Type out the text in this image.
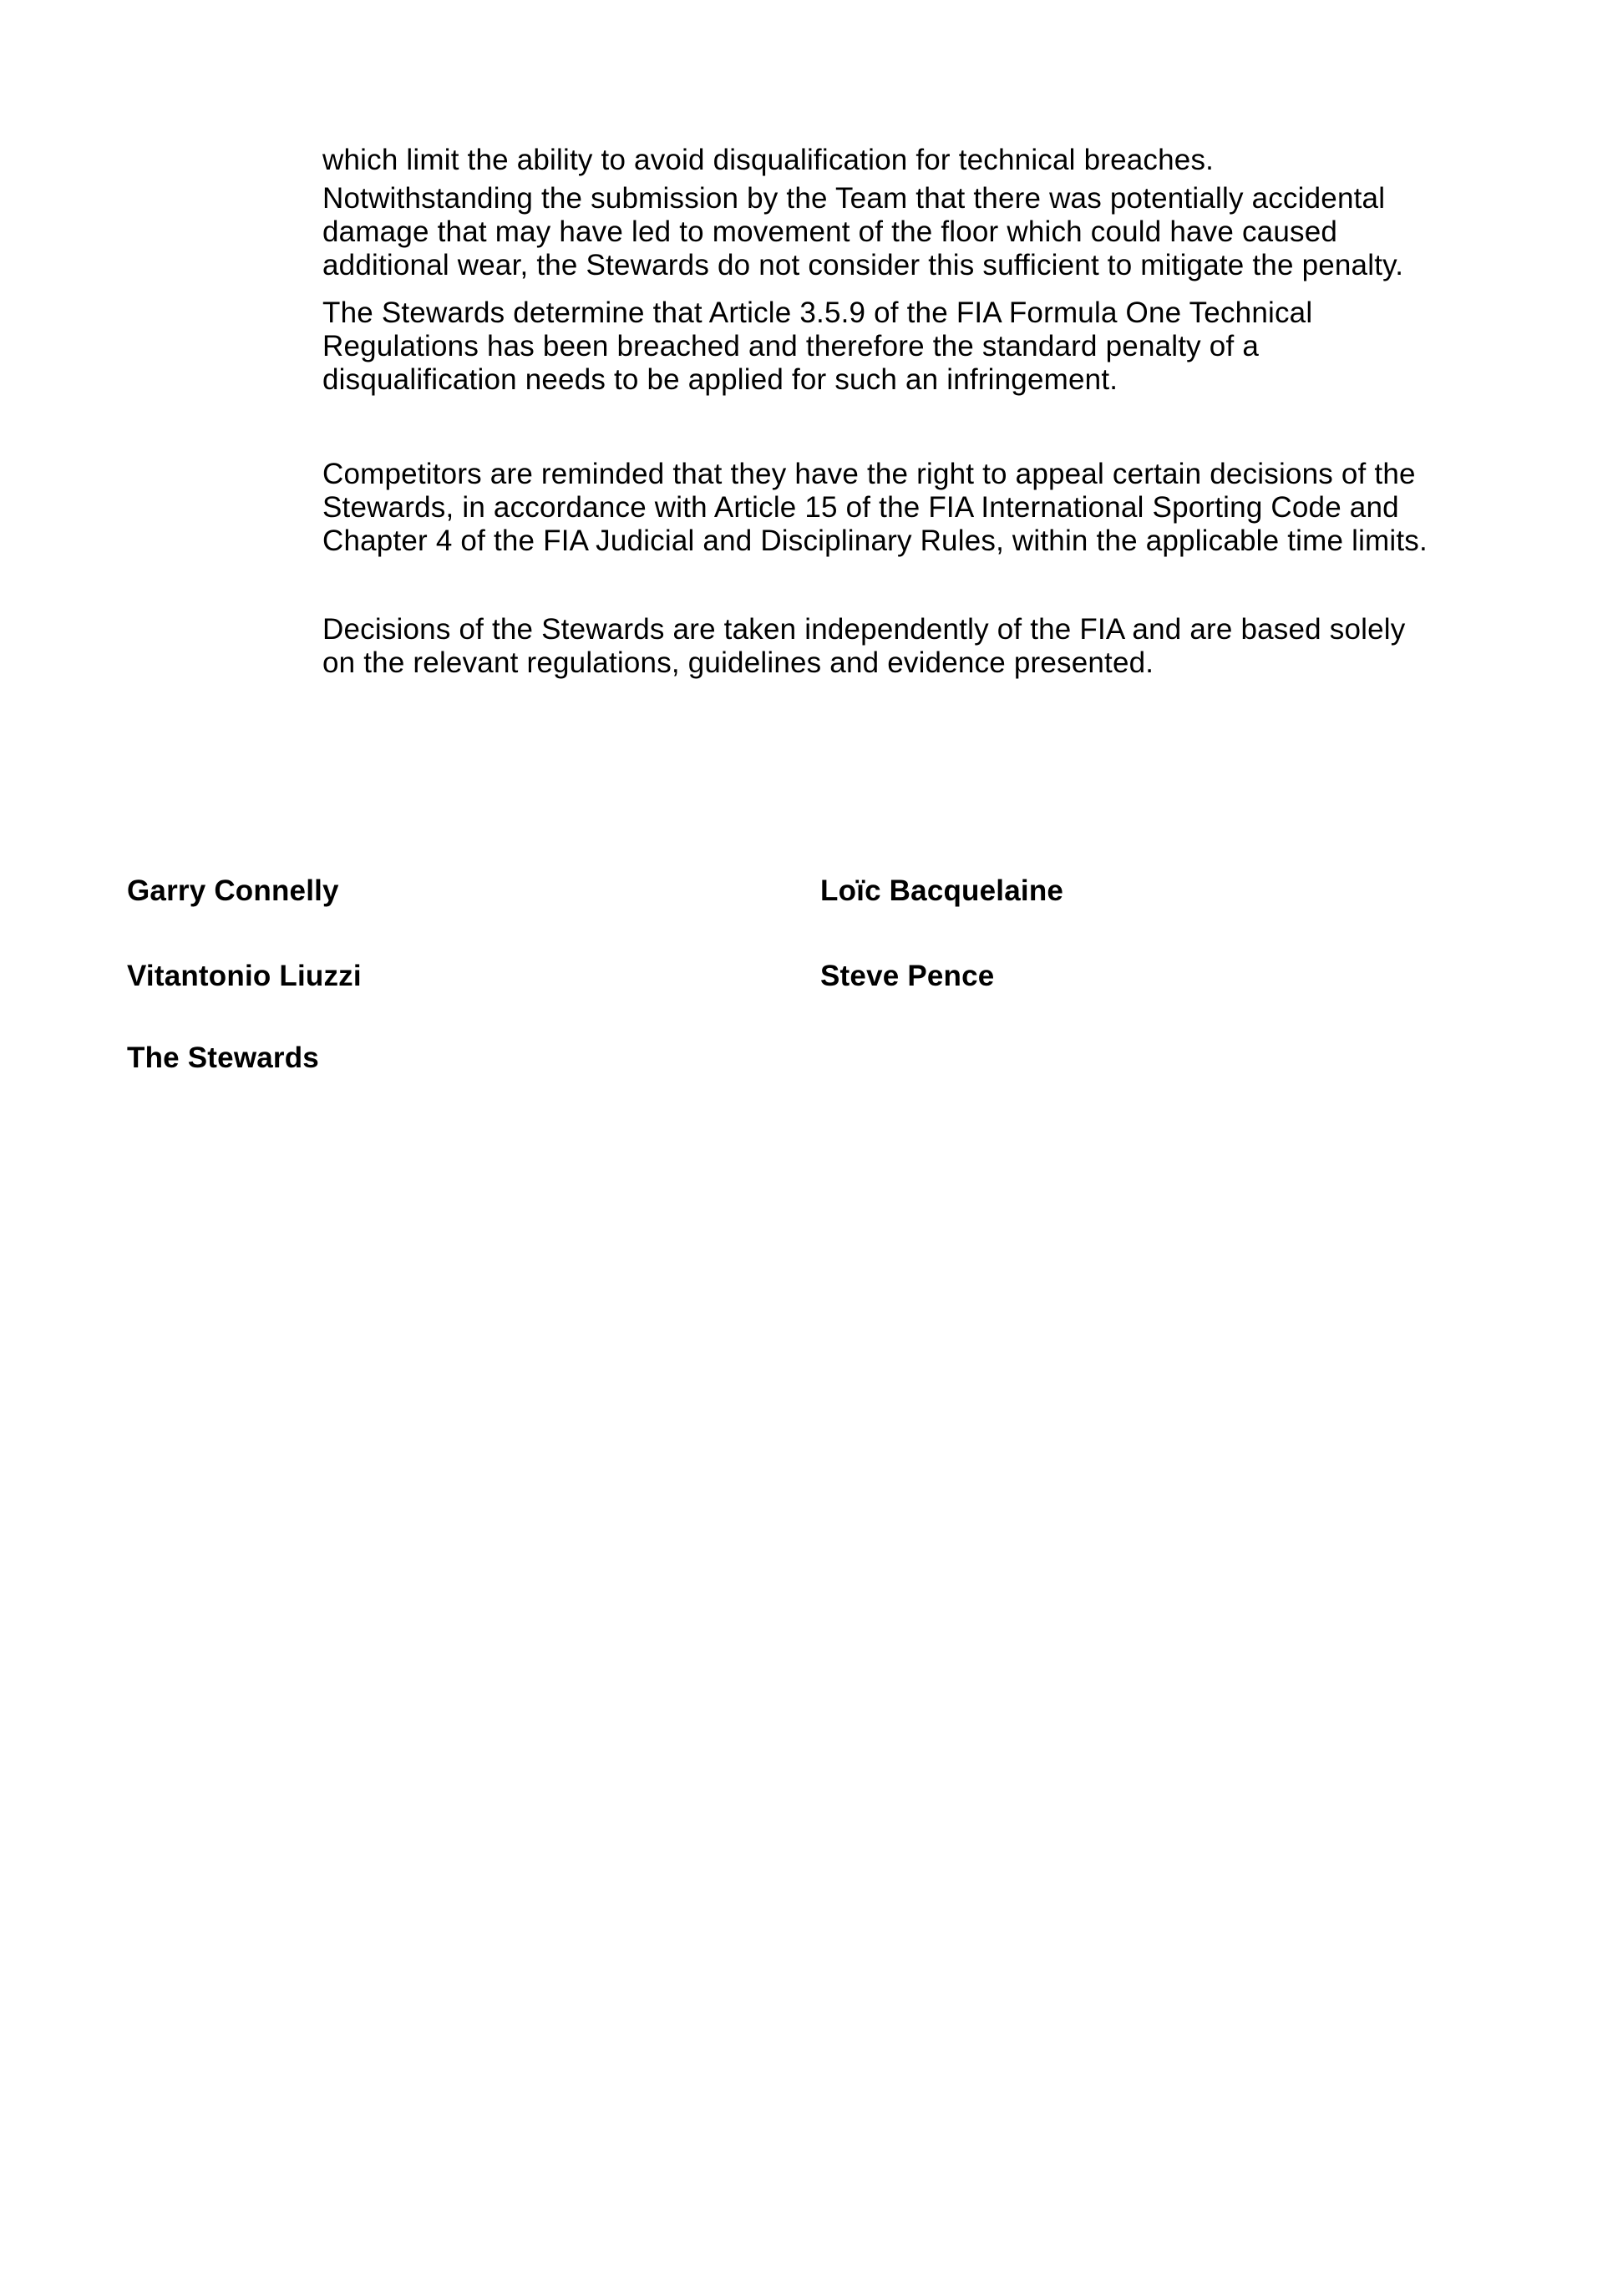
which limit the ability to avoid disqualification for technical breaches.
Notwithstanding the submission by the Team that there was potentially accidental
damage that may have led to movement of the floor which could have caused
additional wear, the Stewards do not consider this sufficient to mitigate the penalty.
The Stewards determine that Article 3.5.9 of the FIA Formula One Technical
Regulations has been breached and therefore the standard penalty of a
disqualification needs to be applied for such an infringement.
Competitors are reminded that they have the right to appeal certain decisions of the
Stewards, in accordance with Article 15 of the FIA International Sporting Code and
Chapter 4 of the FIA Judicial and Disciplinary Rules, within the applicable time limits.
Decisions of the Stewards are taken independently of the FIA and are based solely
on the relevant regulations, guidelines and evidence presented.
Garry Connelly	Loïc Bacquelaine
Vitantonio Liuzzi	Steve Pence
The Stewards
